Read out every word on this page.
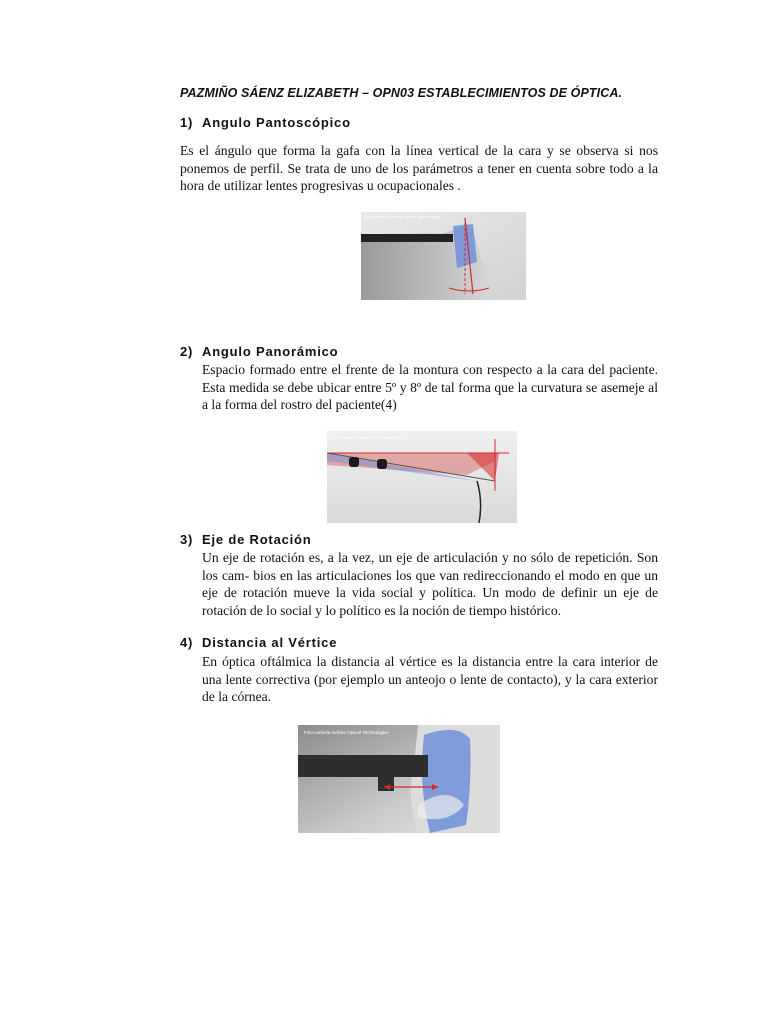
PAZMIÑO SÁENZ ELIZABETH – OPN03 ESTABLECIMIENTOS DE ÓPTICA.
1) Angulo Pantoscópico
Es el ángulo que forma la gafa con la línea vertical de la cara y se observa si nos ponemos de perfil. Se trata de uno de los parámetros a tener en cuenta sobre todo a la hora de utilizar lentes progresivas u ocupacionales .
Foto cortesía Indizen Optical Technologies
2) Angulo Panorámico
Espacio formado entre el frente de la montura con respecto a la cara del paciente. Esta medida se debe ubicar entre 5º y 8º de tal forma que la curvatura se asemeje al a la forma del rostro del paciente(4)
Foto cortesía Indizen Optical Technologies
3) Eje de Rotación
Un eje de rotación es, a la vez, un eje de articulación y no sólo de repetición. Son los cam- bios en las articulaciones los que van redireccionando el modo en que un eje de rotación mueve la vida social y política. Un modo de definir un eje de rotación de lo social y lo político es la noción de tiempo histórico.
4) Distancia al Vértice
En óptica oftálmica la distancia al vértice es la distancia entre la cara interior de una lente correctiva (por ejemplo un anteojo o lente de contacto), y la cara exterior de la córnea.
Foto cortesía Indizen Optical Technologies
